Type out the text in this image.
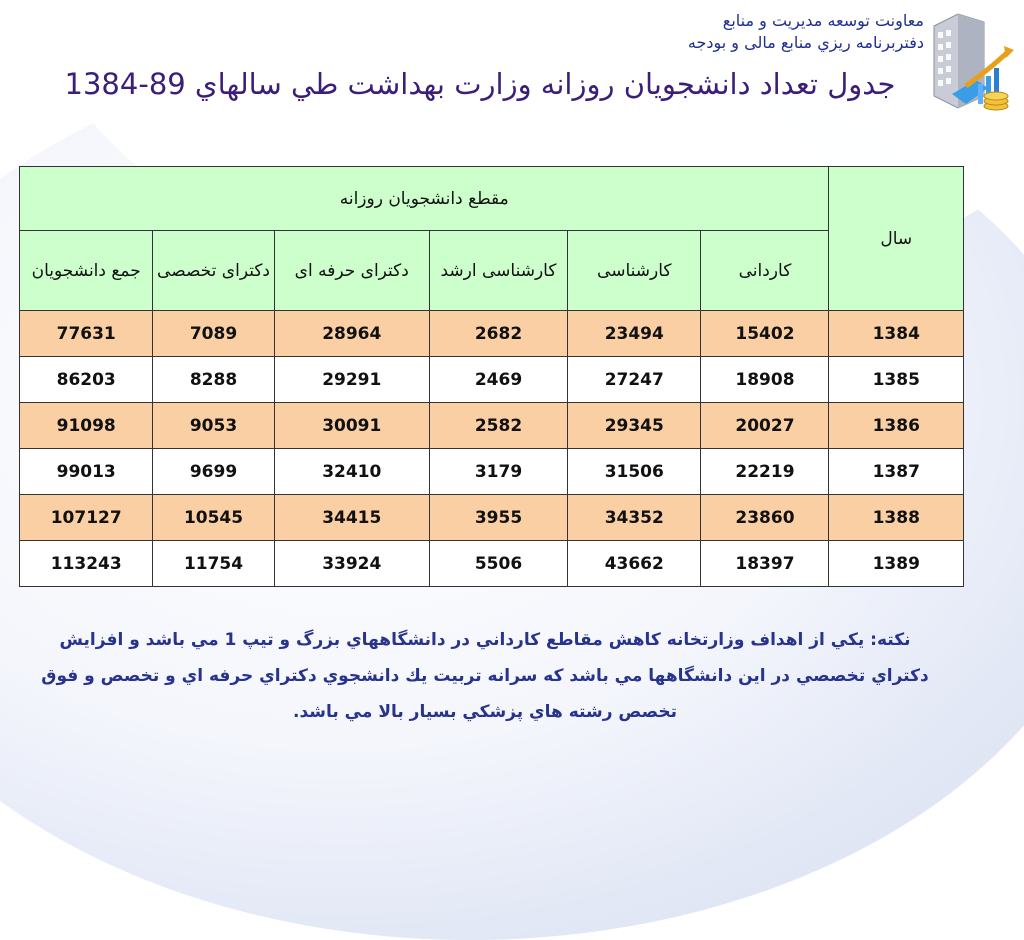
معاونت توسعه مديريت و منابع
دفتربرنامه ريزي منابع مالی و بودجه
جدول تعداد دانشجويان روزانه وزارت بهداشت طي سالهاي 89-1384
سال	مقطع دانشجويان روزانه					
	کاردانی	کارشناسی	کارشناسی ارشد	دکترای حرفه ای	دکترای تخصصی	جمع دانشجويان
1384	15402	23494	2682	28964	7089	77631
1385	18908	27247	2469	29291	8288	86203
1386	20027	29345	2582	30091	9053	91098
1387	22219	31506	3179	32410	9699	99013
1388	23860	34352	3955	34415	10545	107127
1389	18397	43662	5506	33924	11754	113243
نكته: يكي از اهداف وزارتخانه كاهش مقاطع كارداني در دانشگاههاي بزرگ و تيپ 1 مي باشد و افزايش دكتراي تخصصي در اين دانشگاهها مي باشد كه سرانه تربيت يك دانشجوي دكتراي حرفه اي و تخصص و فوق تخصص رشته هاي پزشكي بسيار بالا مي باشد.
